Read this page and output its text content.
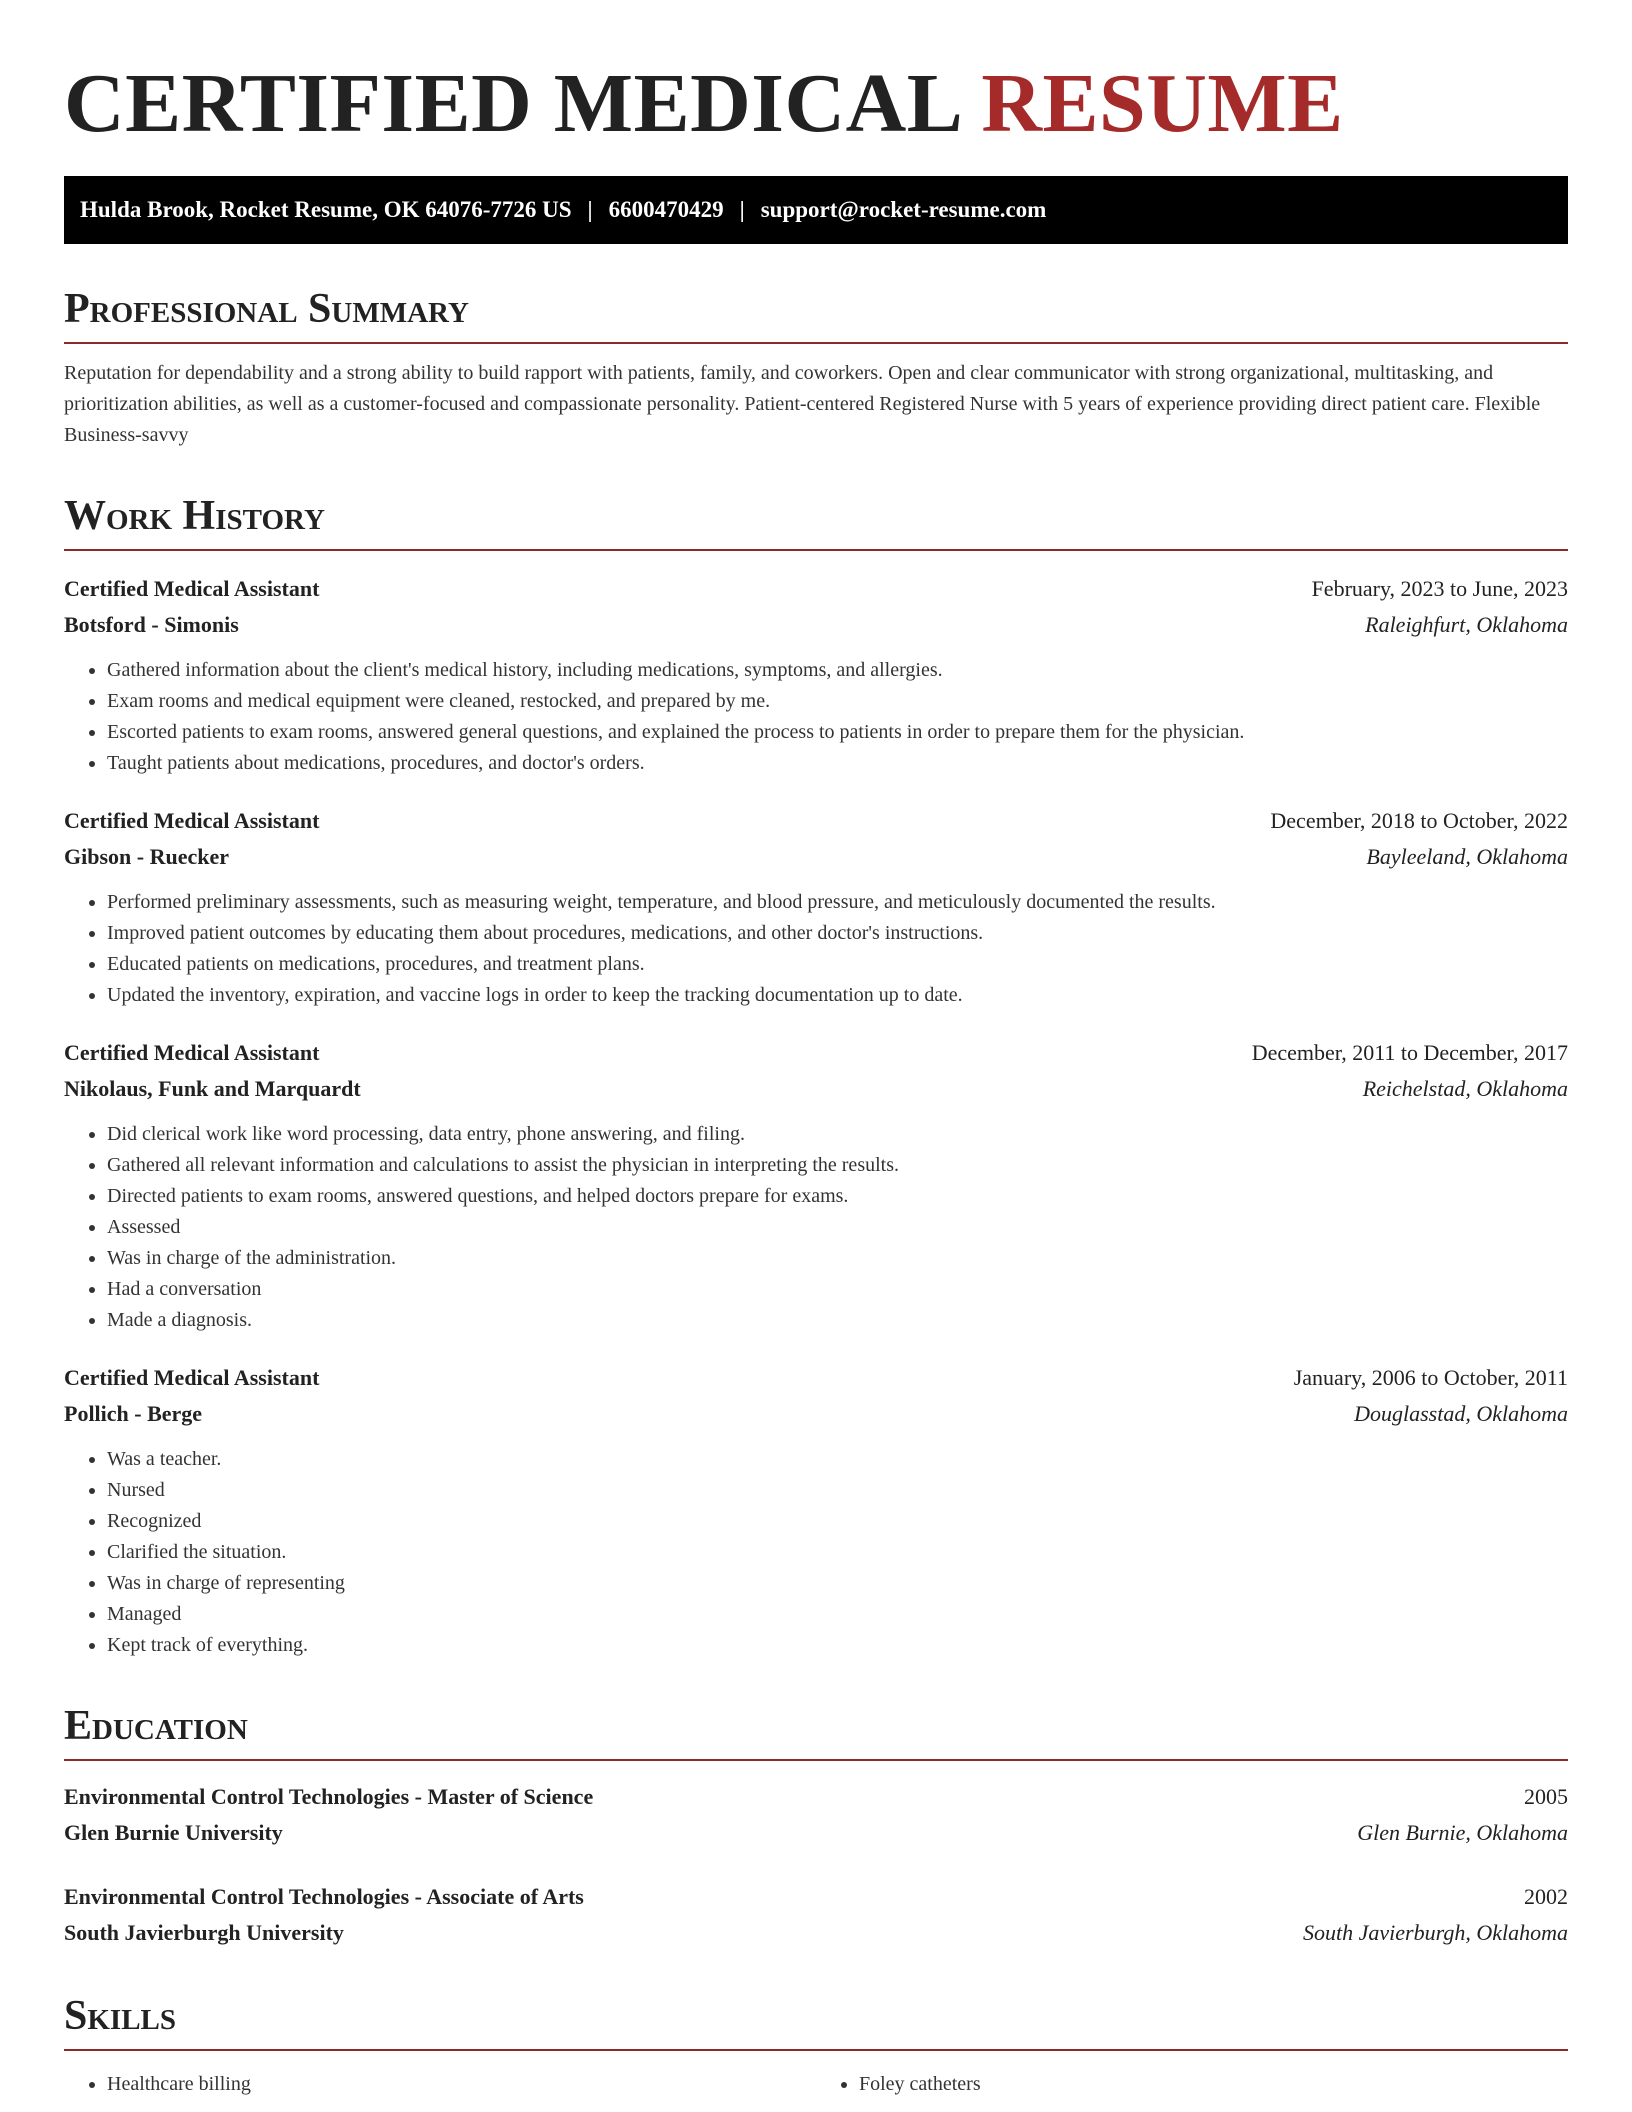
CERTIFIED MEDICAL RESUME
Hulda Brook, Rocket Resume, OK 64076-7726 US | 6600470429 | support@rocket-resume.com
Professional Summary

Reputation for dependability and a strong ability to build rapport with patients, family, and coworkers. Open and clear communicator with strong organizational, multitasking, and prioritization abilities, as well as a customer-focused and compassionate personality. Patient-centered Registered Nurse with 5 years of experience providing direct patient care. Flexible Business-savvy

Work History
Certified Medical Assistant	February, 2023 to June, 2023
Botsford - Simonis	Raleighfurt, Oklahoma
• Gathered information about the client's medical history, including medications, symptoms, and allergies.
• Exam rooms and medical equipment were cleaned, restocked, and prepared by me.
• Escorted patients to exam rooms, answered general questions, and explained the process to patients in order to prepare them for the physician.
• Taught patients about medications, procedures, and doctor's orders.
Certified Medical Assistant	December, 2018 to October, 2022
Gibson - Ruecker	Bayleeland, Oklahoma
• Performed preliminary assessments, such as measuring weight, temperature, and blood pressure, and meticulously documented the results.
• Improved patient outcomes by educating them about procedures, medications, and other doctor's instructions.
• Educated patients on medications, procedures, and treatment plans.
• Updated the inventory, expiration, and vaccine logs in order to keep the tracking documentation up to date.
Certified Medical Assistant	December, 2011 to December, 2017
Nikolaus, Funk and Marquardt	Reichelstad, Oklahoma
• Did clerical work like word processing, data entry, phone answering, and filing.
• Gathered all relevant information and calculations to assist the physician in interpreting the results.
• Directed patients to exam rooms, answered questions, and helped doctors prepare for exams.
• Assessed
• Was in charge of the administration.
• Had a conversation
• Made a diagnosis.
Certified Medical Assistant	January, 2006 to October, 2011
Pollich - Berge	Douglasstad, Oklahoma
• Was a teacher.
• Nursed
• Recognized
• Clarified the situation.
• Was in charge of representing
• Managed
• Kept track of everything.
Education
Environmental Control Technologies - Master of Science	2005
Glen Burnie University	Glen Burnie, Oklahoma
Environmental Control Technologies - Associate of Arts	2002
South Javierburgh University	South Javierburgh, Oklahoma
Skills
• Healthcare billing
•	Foley catheters
